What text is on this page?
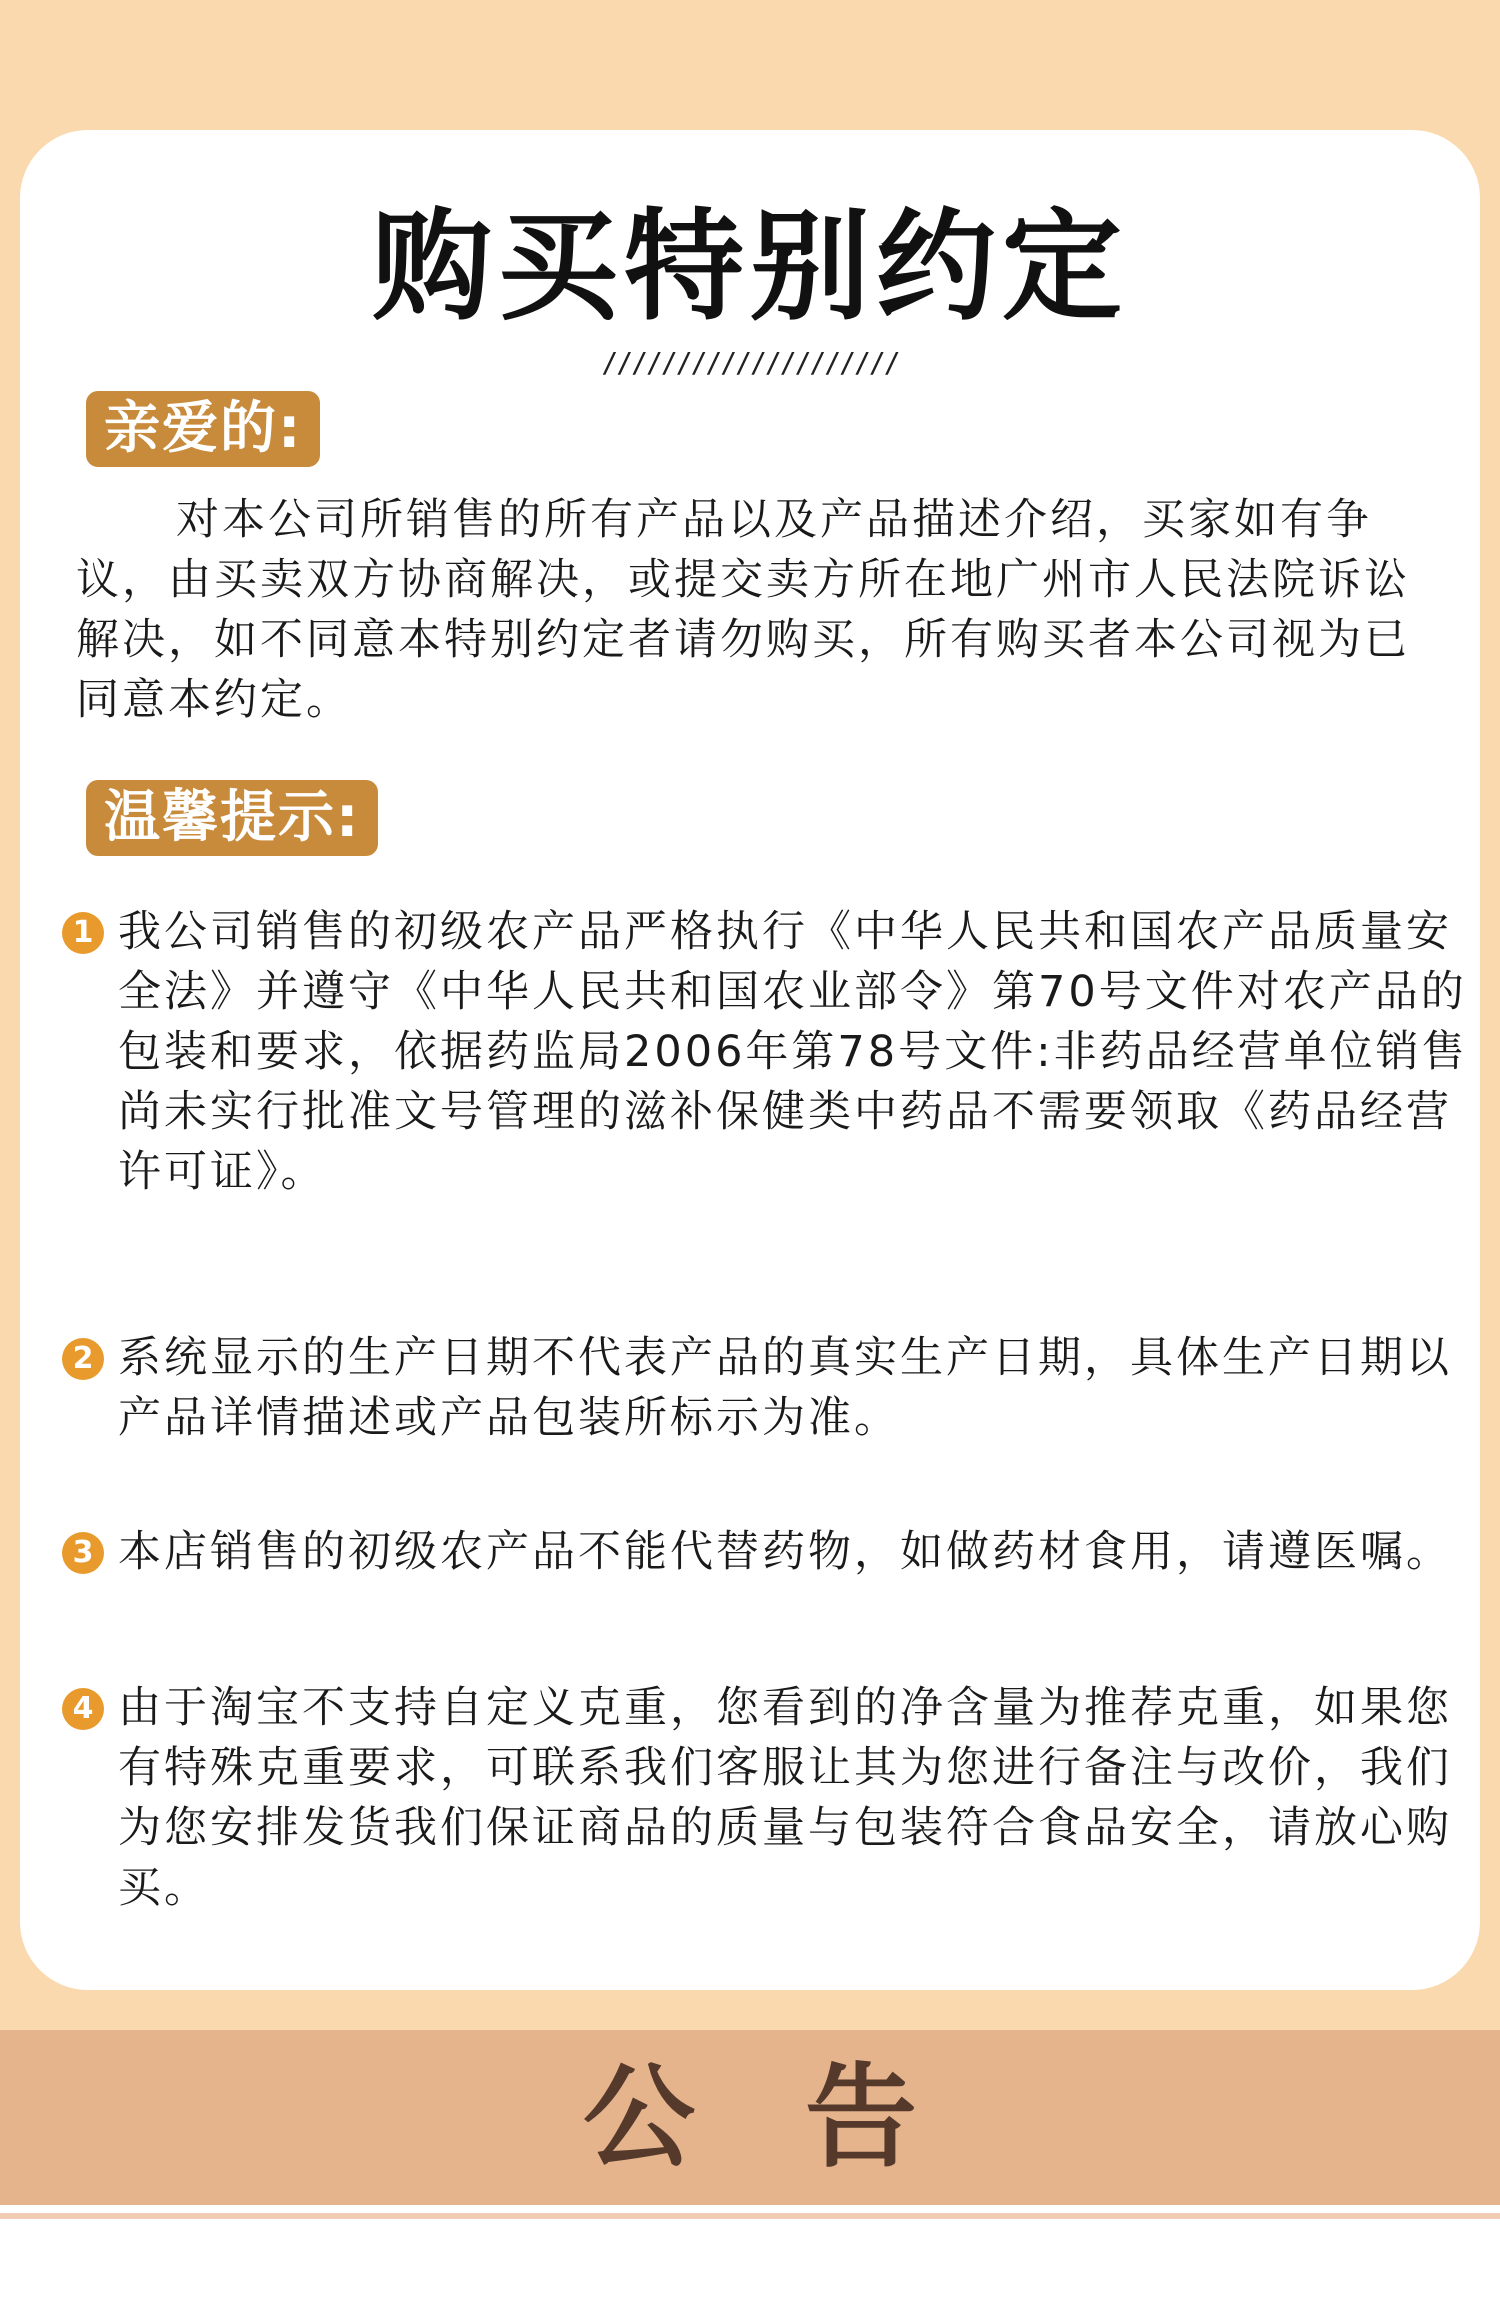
购买特别约定
////////////////////
亲爱的:
对本公司所销售的所有产品以及产品描述介绍，买家如有争议，由买卖双方协商解决，或提交卖方所在地广州市人民法院诉讼解决，如不同意本特别约定者请勿购买，所有购买者本公司视为已同意本约定。
温馨提示:
1 我公司销售的初级农产品严格执行《中华人民共和国农产品质量安全法》并遵守《中华人民共和国农业部令》第70号文件对农产品的包装和要求，依据药监局2006年第78号文件:非药品经营单位销售尚未实行批准文号管理的滋补保健类中药品不需要领取《药品经营许可证》。
2 系统显示的生产日期不代表产品的真实生产日期，具体生产日期以产品详情描述或产品包装所标示为准。
3 本店销售的初级农产品不能代替药物，如做药材食用，请遵医嘱。
4 由于淘宝不支持自定义克重，您看到的净含量为推荐克重，如果您有特殊克重要求，可联系我们客服让其为您进行备注与改价，我们为您安排发货我们保证商品的质量与包装符合食品安全，请放心购买。
公告
